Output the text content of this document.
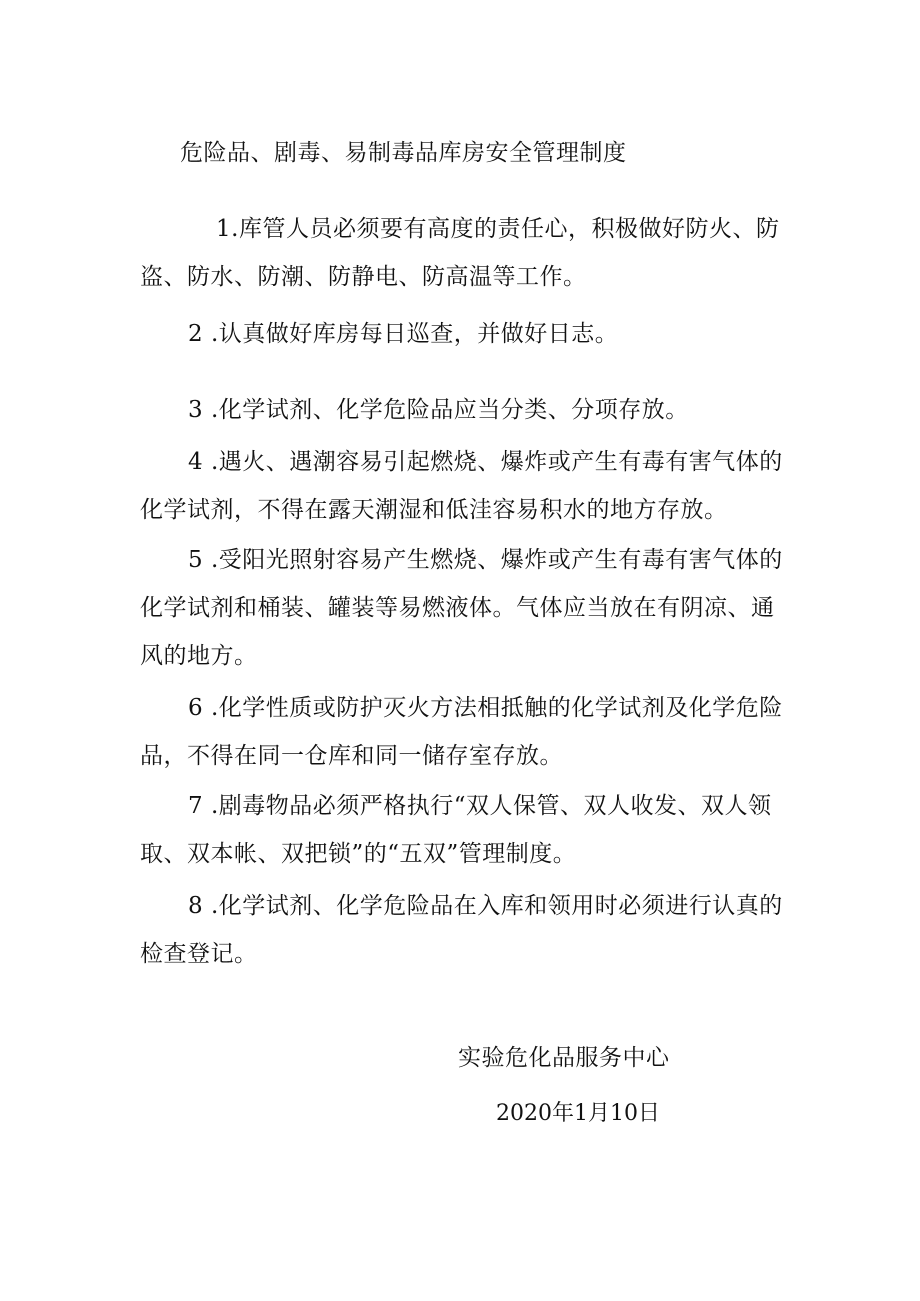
危险品、剧毒、易制毒品库房安全管理制度
1.库管人员必须要有高度的责任心，积极做好防火、防盗、防水、防潮、防静电、防高温等工作。
2 .认真做好库房每日巡查，并做好日志。
3 .化学试剂、化学危险品应当分类、分项存放。
4 .遇火、遇潮容易引起燃烧、爆炸或产生有毒有害气体的化学试剂，不得在露天潮湿和低洼容易积水的地方存放。
5 .受阳光照射容易产生燃烧、爆炸或产生有毒有害气体的化学试剂和桶装、罐装等易燃液体。气体应当放在有阴凉、通风的地方。
6 .化学性质或防护灭火方法相抵触的化学试剂及化学危险品，不得在同一仓库和同一储存室存放。
7 .剧毒物品必须严格执行“双人保管、双人收发、双人领取、双本帐、双把锁”的“五双”管理制度。
8 .化学试剂、化学危险品在入库和领用时必须进行认真的检查登记。
实验危化品服务中心
2020年1月10日
